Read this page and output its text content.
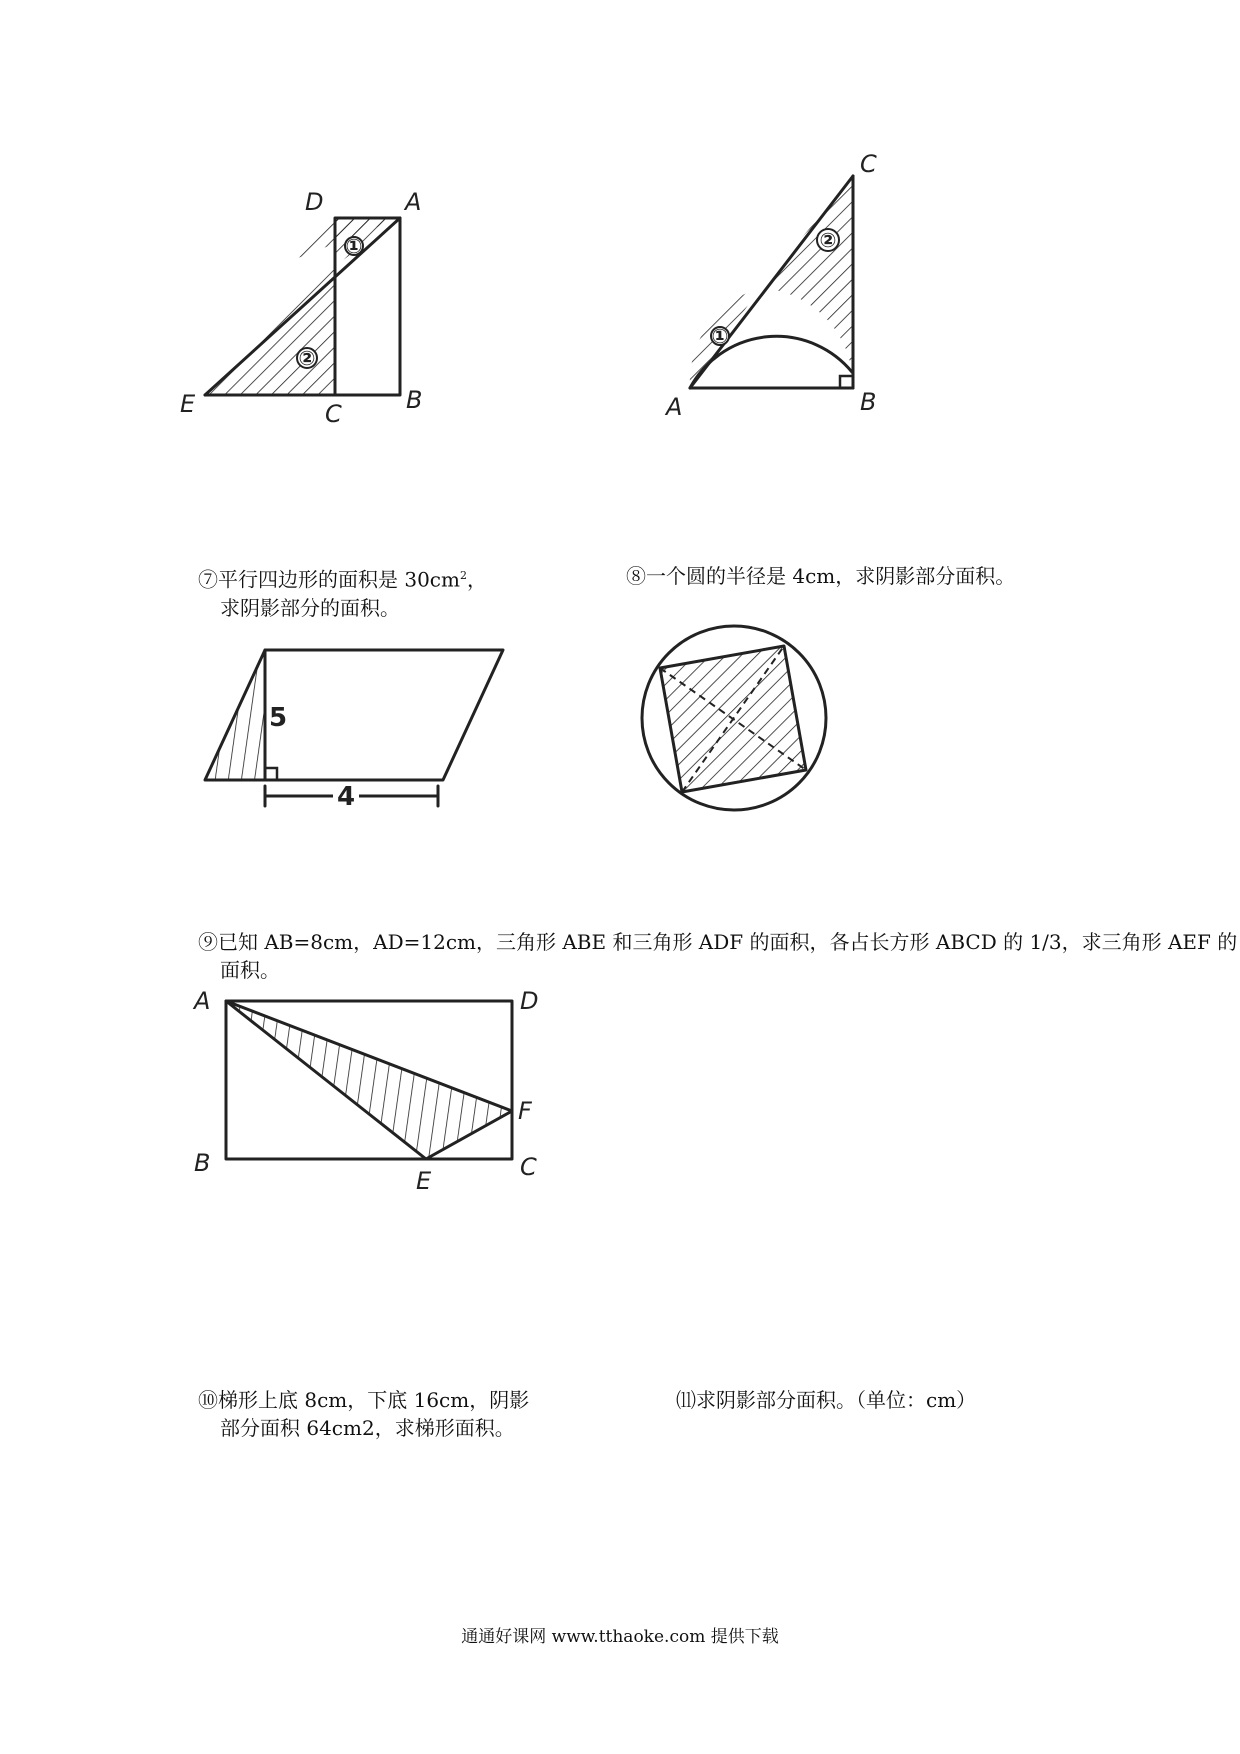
①
②
D	A
E	C	B
①
②
C
A	B
⑦平行四边形的面积是 $30cm^2$，
求阴影部分的面积。
⑧一个圆的半径是 4cm，求阴影部分面积。
4
5
⑨已知 AB=8cm，AD=12cm，三角形 ABE 和三角形 ADF 的面积，各占长方形 ABCD 的 1/3，求三角形 AEF 的
面积。
A	D
B
E	C
F
⑩梯形上底 8cm，下底 16cm，阴影
部分面积 64cm2，求梯形面积。
⑾求阴影部分面积。（单位：cm）
通通好课网 www.tthaoke.com 提供下载
